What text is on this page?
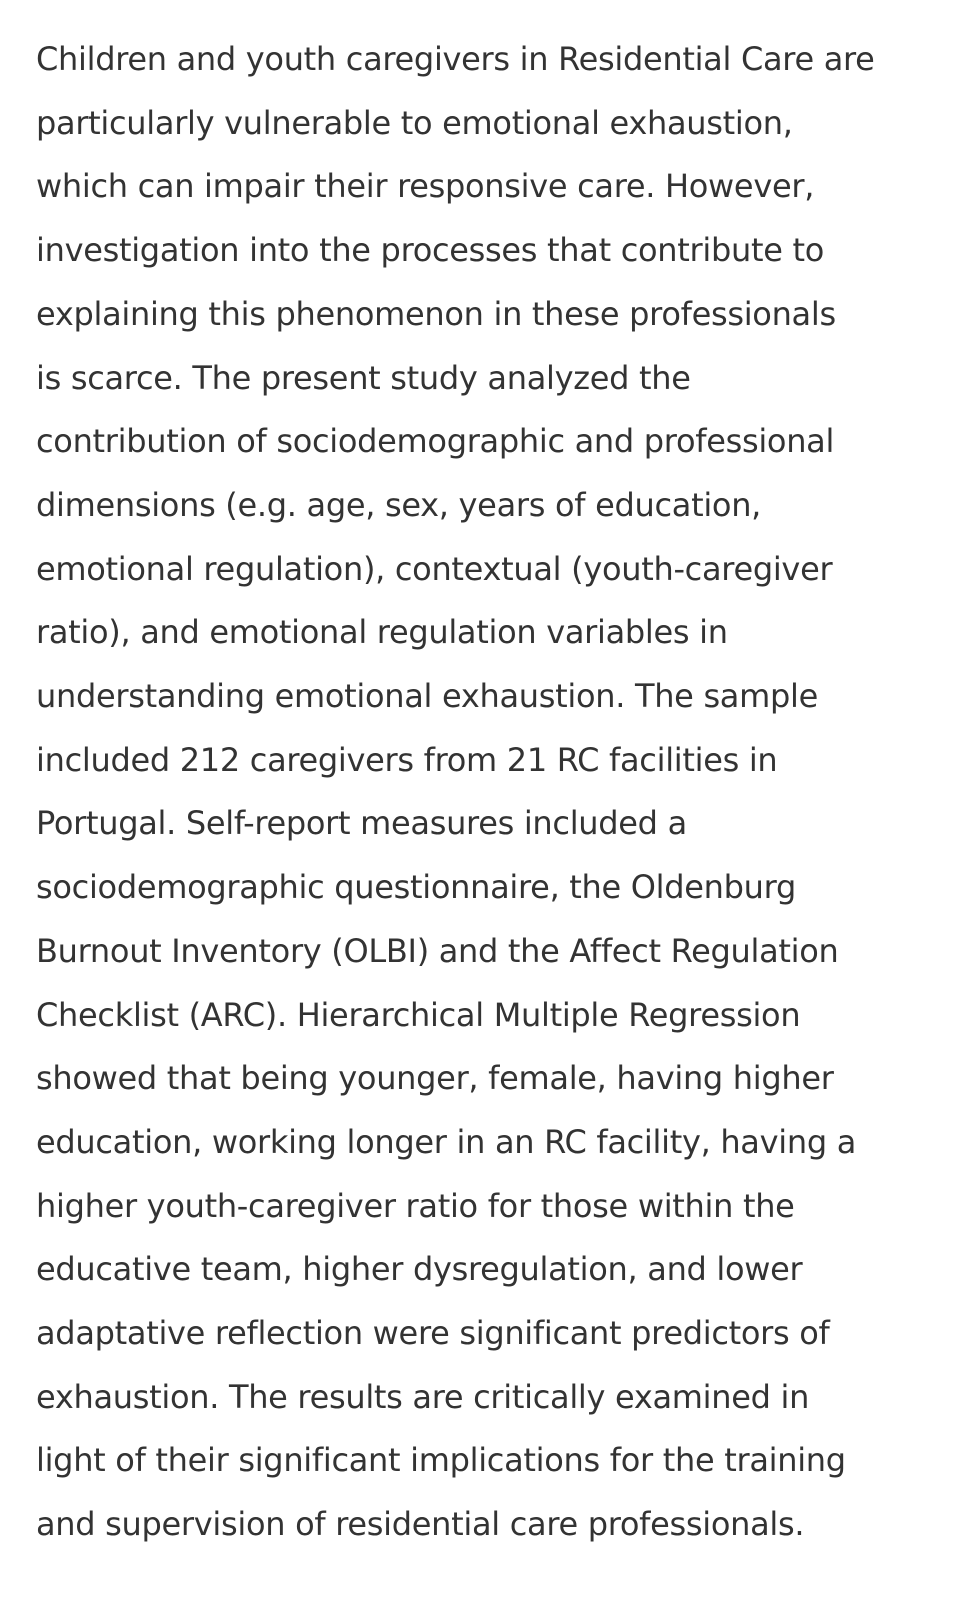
Children and youth caregivers in Residential Care are
particularly vulnerable to emotional exhaustion,
which can impair their responsive care. However,
investigation into the processes that contribute to
explaining this phenomenon in these professionals
is scarce. The present study analyzed the
contribution of sociodemographic and professional
dimensions (e.g. age, sex, years of education,
emotional regulation), contextual (youth-caregiver
ratio), and emotional regulation variables in
understanding emotional exhaustion. The sample
included 212 caregivers from 21 RC facilities in
Portugal. Self-report measures included a
sociodemographic questionnaire, the Oldenburg
Burnout Inventory (OLBI) and the Affect Regulation
Checklist (ARC). Hierarchical Multiple Regression
showed that being younger, female, having higher
education, working longer in an RC facility, having a
higher youth-caregiver ratio for those within the
educative team, higher dysregulation, and lower
adaptative reflection were significant predictors of
exhaustion. The results are critically examined in
light of their significant implications for the training
and supervision of residential care professionals.
